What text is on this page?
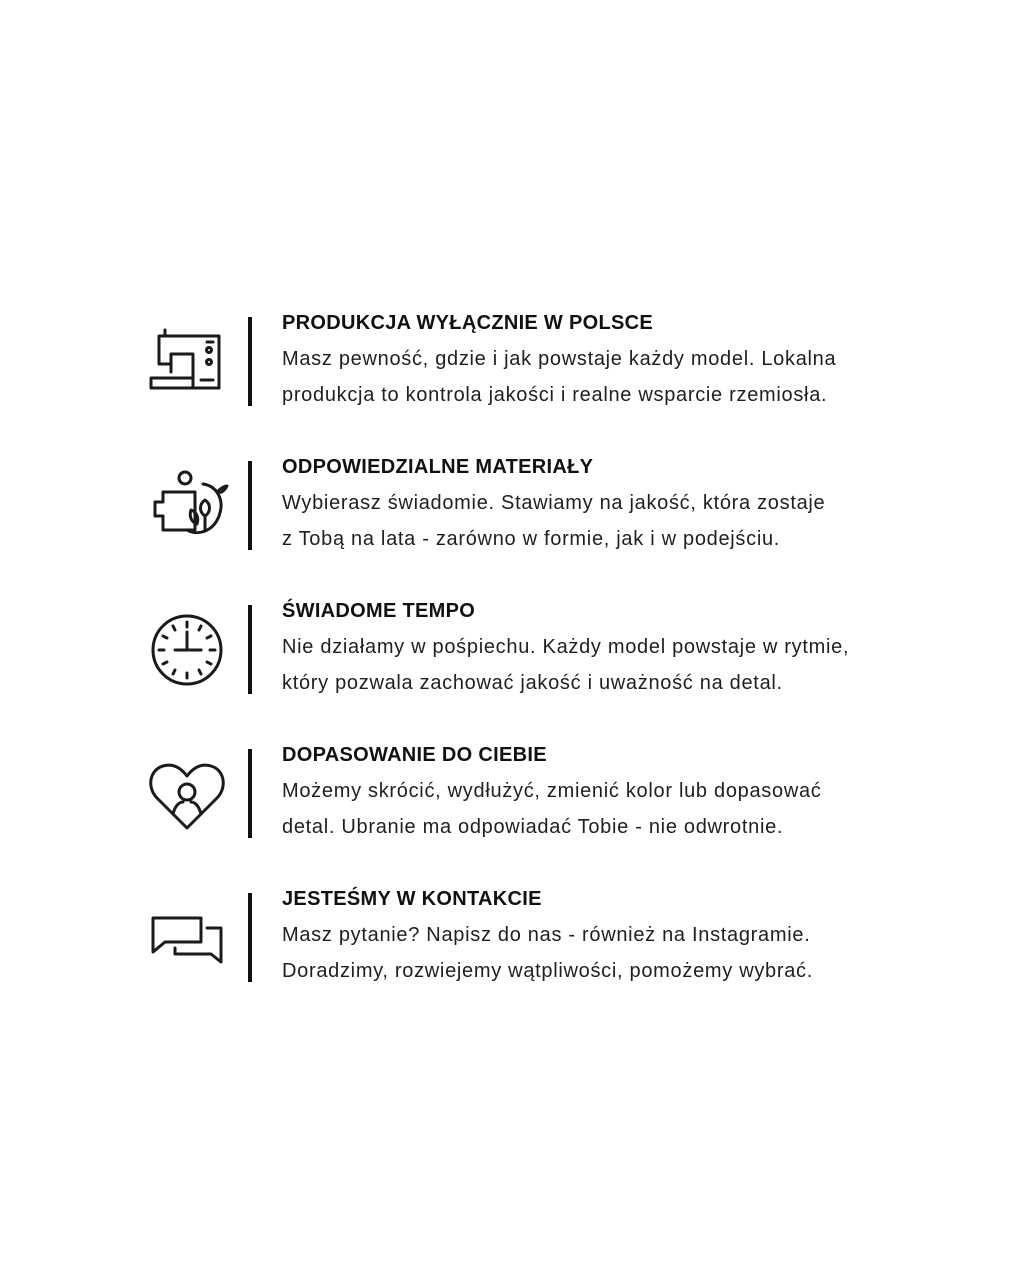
PRODUKCJA WYŁĄCZNIE W POLSCE
Masz pewność, gdzie i jak powstaje każdy model. Lokalna
produkcja to kontrola jakości i realne wsparcie rzemiosła.
ODPOWIEDZIALNE MATERIAŁY
Wybierasz świadomie. Stawiamy na jakość, która zostaje
z Tobą na lata - zarówno w formie, jak i w podejściu.
ŚWIADOME TEMPO
Nie działamy w pośpiechu. Każdy model powstaje w rytmie,
który pozwala zachować jakość i uważność na detal.
DOPASOWANIE DO CIEBIE
Możemy skrócić, wydłużyć, zmienić kolor lub dopasować
detal. Ubranie ma odpowiadać Tobie - nie odwrotnie.
JESTEŚMY W KONTAKCIE
Masz pytanie? Napisz do nas - również na Instagramie.
Doradzimy, rozwiejemy wątpliwości, pomożemy wybrać.
